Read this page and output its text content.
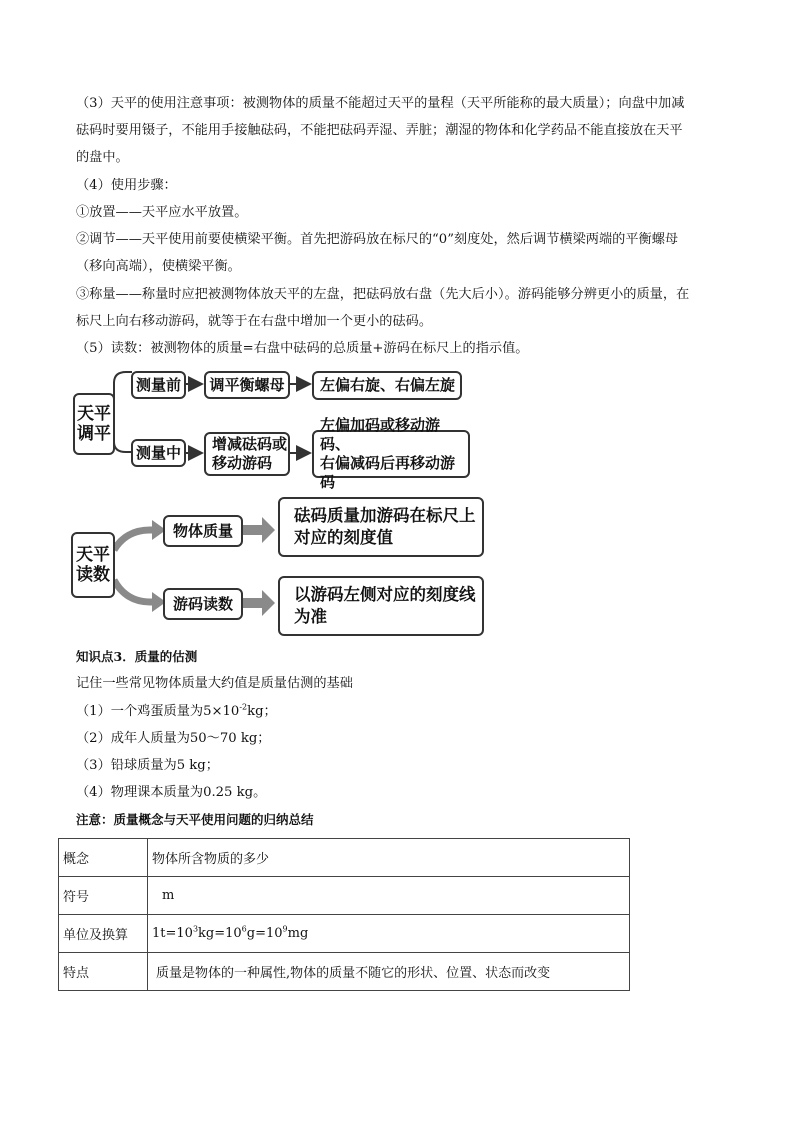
（3）天平的使用注意事项：被测物体的质量不能超过天平的量程（天平所能称的最大质量）；向盘中加减
砝码时要用镊子，不能用手接触砝码，不能把砝码弄湿、弄脏；潮湿的物体和化学药品不能直接放在天平
的盘中。
（4）使用步骤：
①放置——天平应水平放置。
②调节——天平使用前要使横梁平衡。首先把游码放在标尺的“0”刻度处，然后调节横梁两端的平衡螺母
（移向高端），使横梁平衡。
③称量——称量时应把被测物体放天平的左盘，把砝码放右盘（先大后小）。游码能够分辨更小的质量，在
标尺上向右移动游码，就等于在右盘中增加一个更小的砝码。
（5）读数：被测物体的质量=右盘中砝码的总质量+游码在标尺上的指示值。
天平
调平
测量前 调平衡螺母 左偏右旋、右偏左旋
测量中 增减砝码或
移动游码
左偏加码或移动游码、
右偏减码后再移动游码
天平
读数
物体质量
砝码质量加游码在标尺上
对应的刻度值
游码读数	以游码左侧对应的刻度线
为准
知识点3．质量的估测
记住一些常见物体质量大约值是质量估测的基础
（1）一个鸡蛋质量为$5\times 10^{-2}kg$；
（2）成年人质量为50～70 kg；
（3）铅球质量为5 kg；
（4）物理课本质量为0.25 kg。
注意：质量概念与天平使用问题的归纳总结
概念	物体所含物质的多少
符号	m
单位及换算	$1t=10^3kg=10^6g=10^9mg$
特点	质量是物体的一种属性,物体的质量不随它的形状、位置、状态而改变
